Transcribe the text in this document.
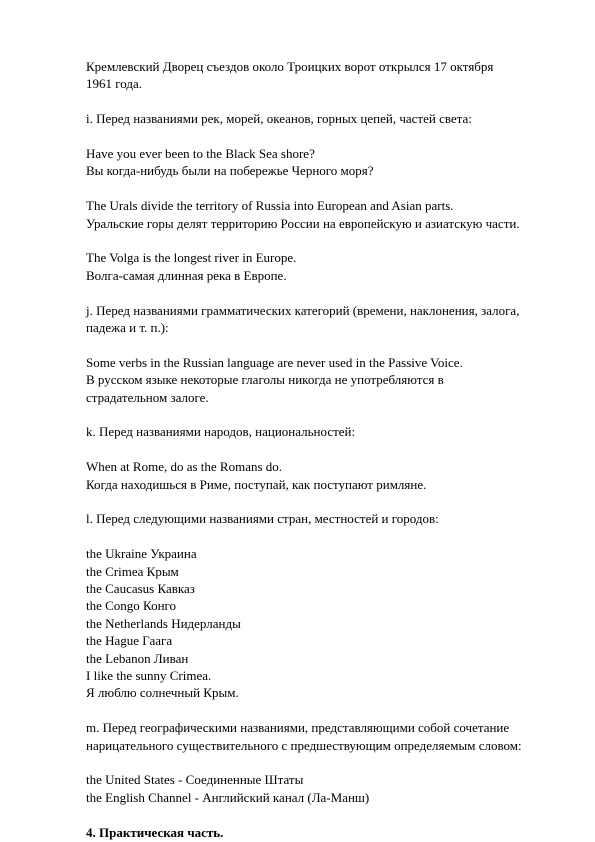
Кремлевский Дворец съездов около Троицких ворот открылся 17 октября
1961 года.

i. Перед названиями рек, морей, океанов, горных цепей, частей света:

Have you ever been to the Black Sea shore?
Вы когда-нибудь были на побережье Черного моря?

The Urals divide the territory of Russia into European and Asian parts.
Уральские горы делят территорию России на европейскую и азиатскую части.

The Volga is the longest river in Europe.
Волга-самая длинная река в Европе.

j. Перед названиями грамматических категорий (времени, наклонения, залога,
падежа и т. п.):

Some verbs in the Russian language are never used in the Passive Voice.
В русском языке некоторые глаголы никогда не употребляются в
страдательном залоге.

k. Перед названиями народов, национальностей:

When at Rome, do as the Romans do.
Когда находишься в Риме, поступай, как поступают римляне.

l. Перед следующими названиями стран, местностей и городов:

the Ukraine Украина
the Crimea Крым
the Caucasus Кавказ
the Congo Конго
the Netherlands Нидерланды
the Hague Гаага
the Lebanon Ливан
I like the sunny Crimea.
Я люблю солнечный Крым.

m. Перед географическими названиями, представляющими собой сочетание
нарицательного существительного с предшествующим определяемым словом:

the United States - Соединенные Штаты
the English Channel - Английский канал (Ла-Манш)

4. Практическая часть.
